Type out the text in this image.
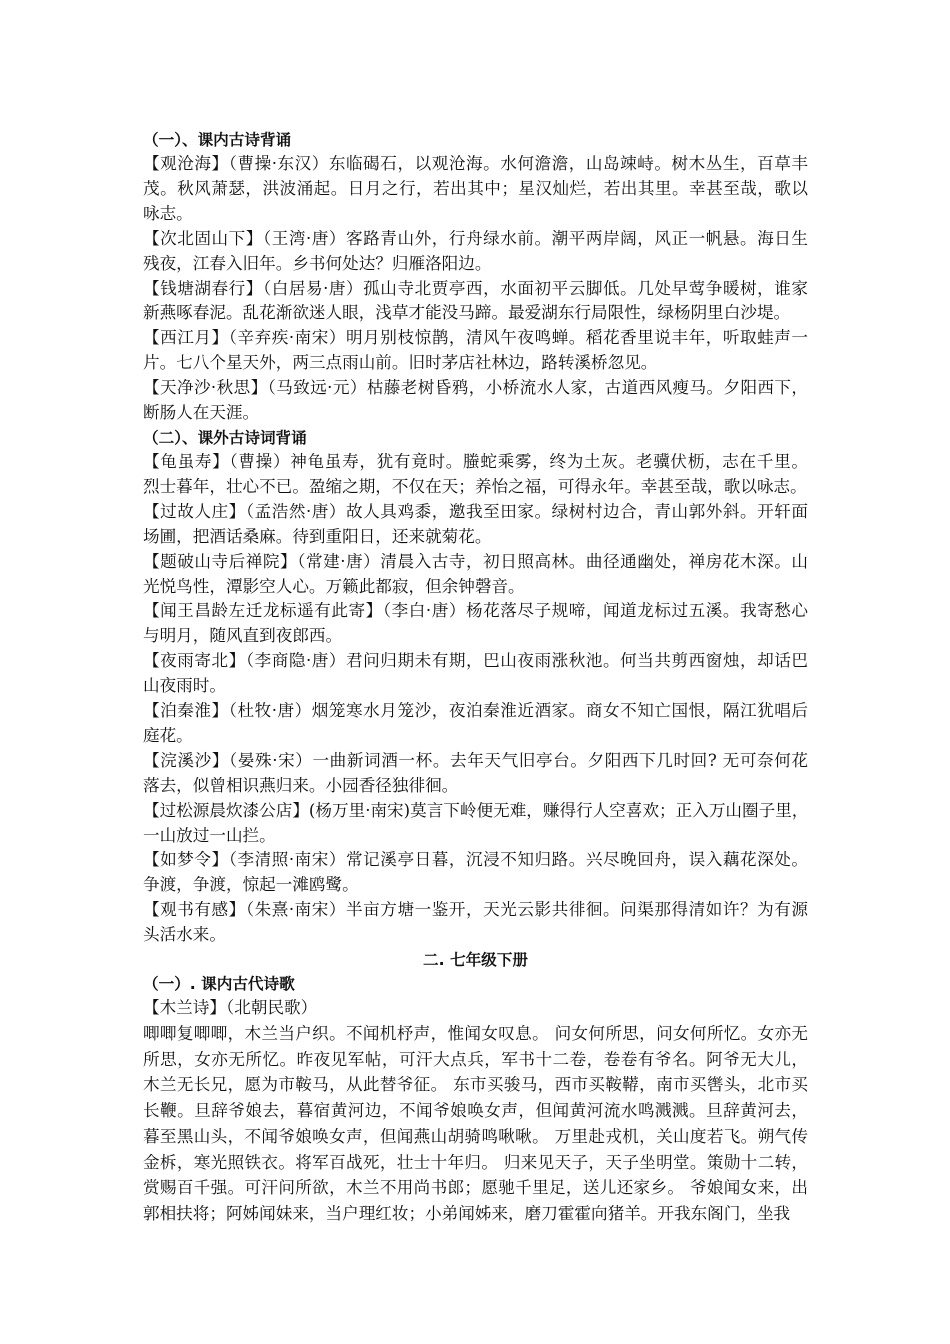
（一）、课内古诗背诵
【观沧海】（曹操·东汉）东临碣石，以观沧海。水何澹澹，山岛竦峙。树木丛生，百草丰
茂。秋风萧瑟，洪波涌起。日月之行，若出其中；星汉灿烂，若出其里。幸甚至哉，歌以
咏志。
【次北固山下】（王湾·唐）客路青山外，行舟绿水前。潮平两岸阔，风正一帆悬。海日生
残夜，江春入旧年。乡书何处达？归雁洛阳边。
【钱塘湖春行】（白居易·唐）孤山寺北贾亭西，水面初平云脚低。几处早莺争暖树，谁家
新燕啄春泥。乱花渐欲迷人眼，浅草才能没马蹄。最爱湖东行局限性，绿杨阴里白沙堤。
【西江月】（辛弃疾·南宋）明月别枝惊鹊，清风午夜鸣蝉。稻花香里说丰年，听取蛙声一
片。七八个星天外，两三点雨山前。旧时茅店社林边，路转溪桥忽见。
【天净沙·秋思】（马致远·元）枯藤老树昏鸦，小桥流水人家，古道西风瘦马。夕阳西下，
断肠人在天涯。
（二）、课外古诗词背诵
【龟虽寿】（曹操）神龟虽寿，犹有竟时。螣蛇乘雾，终为土灰。老骥伏枥，志在千里。
烈士暮年，壮心不已。盈缩之期，不仅在天；养怡之福，可得永年。幸甚至哉，歌以咏志。
【过故人庄】（孟浩然·唐）故人具鸡黍，邀我至田家。绿树村边合，青山郭外斜。开轩面
场圃，把酒话桑麻。待到重阳日，还来就菊花。
【题破山寺后禅院】（常建·唐）清晨入古寺，初日照高林。曲径通幽处，禅房花木深。山
光悦鸟性，潭影空人心。万籁此都寂，但余钟磬音。
【闻王昌龄左迁龙标遥有此寄】（李白·唐）杨花落尽子规啼，闻道龙标过五溪。我寄愁心
与明月，随风直到夜郎西。
【夜雨寄北】（李商隐·唐）君问归期未有期，巴山夜雨涨秋池。何当共剪西窗烛，却话巴
山夜雨时。
【泊秦淮】（杜牧·唐）烟笼寒水月笼沙，夜泊秦淮近酒家。商女不知亡国恨，隔江犹唱后
庭花。
【浣溪沙】（晏殊·宋）一曲新词酒一杯。去年天气旧亭台。夕阳西下几时回? 无可奈何花
落去，似曾相识燕归来。小园香径独徘徊。
【过松源晨炊漆公店】(杨万里·南宋)莫言下岭便无难，赚得行人空喜欢；正入万山圈子里，
一山放过一山拦。
【如梦令】（李清照·南宋）常记溪亭日暮，沉浸不知归路。兴尽晚回舟，误入藕花深处。
争渡，争渡，惊起一滩鸥鹭。
【观书有感】（朱熹·南宋）半亩方塘一鉴开，天光云影共徘徊。问渠那得清如许？为有源
头活水来。
二. 七年级下册
（一）. 课内古代诗歌
【木兰诗】（北朝民歌）
唧唧复唧唧，木兰当户织。不闻机杼声，惟闻女叹息。 问女何所思，问女何所忆。女亦无
所思，女亦无所忆。昨夜见军帖，可汗大点兵，军书十二卷，卷卷有爷名。阿爷无大儿，
木兰无长兄，愿为市鞍马，从此替爷征。 东市买骏马，西市买鞍鞯，南市买辔头，北市买
长鞭。旦辞爷娘去，暮宿黄河边，不闻爷娘唤女声，但闻黄河流水鸣溅溅。旦辞黄河去，
暮至黑山头，不闻爷娘唤女声，但闻燕山胡骑鸣啾啾。 万里赴戎机，关山度若飞。朔气传
金柝，寒光照铁衣。将军百战死，壮士十年归。 归来见天子，天子坐明堂。策勋十二转，
赏赐百千强。可汗问所欲，木兰不用尚书郎；愿驰千里足，送儿还家乡。 爷娘闻女来，出
郭相扶将；阿姊闻妹来，当户理红妆；小弟闻姊来，磨刀霍霍向猪羊。开我东阁门，坐我
